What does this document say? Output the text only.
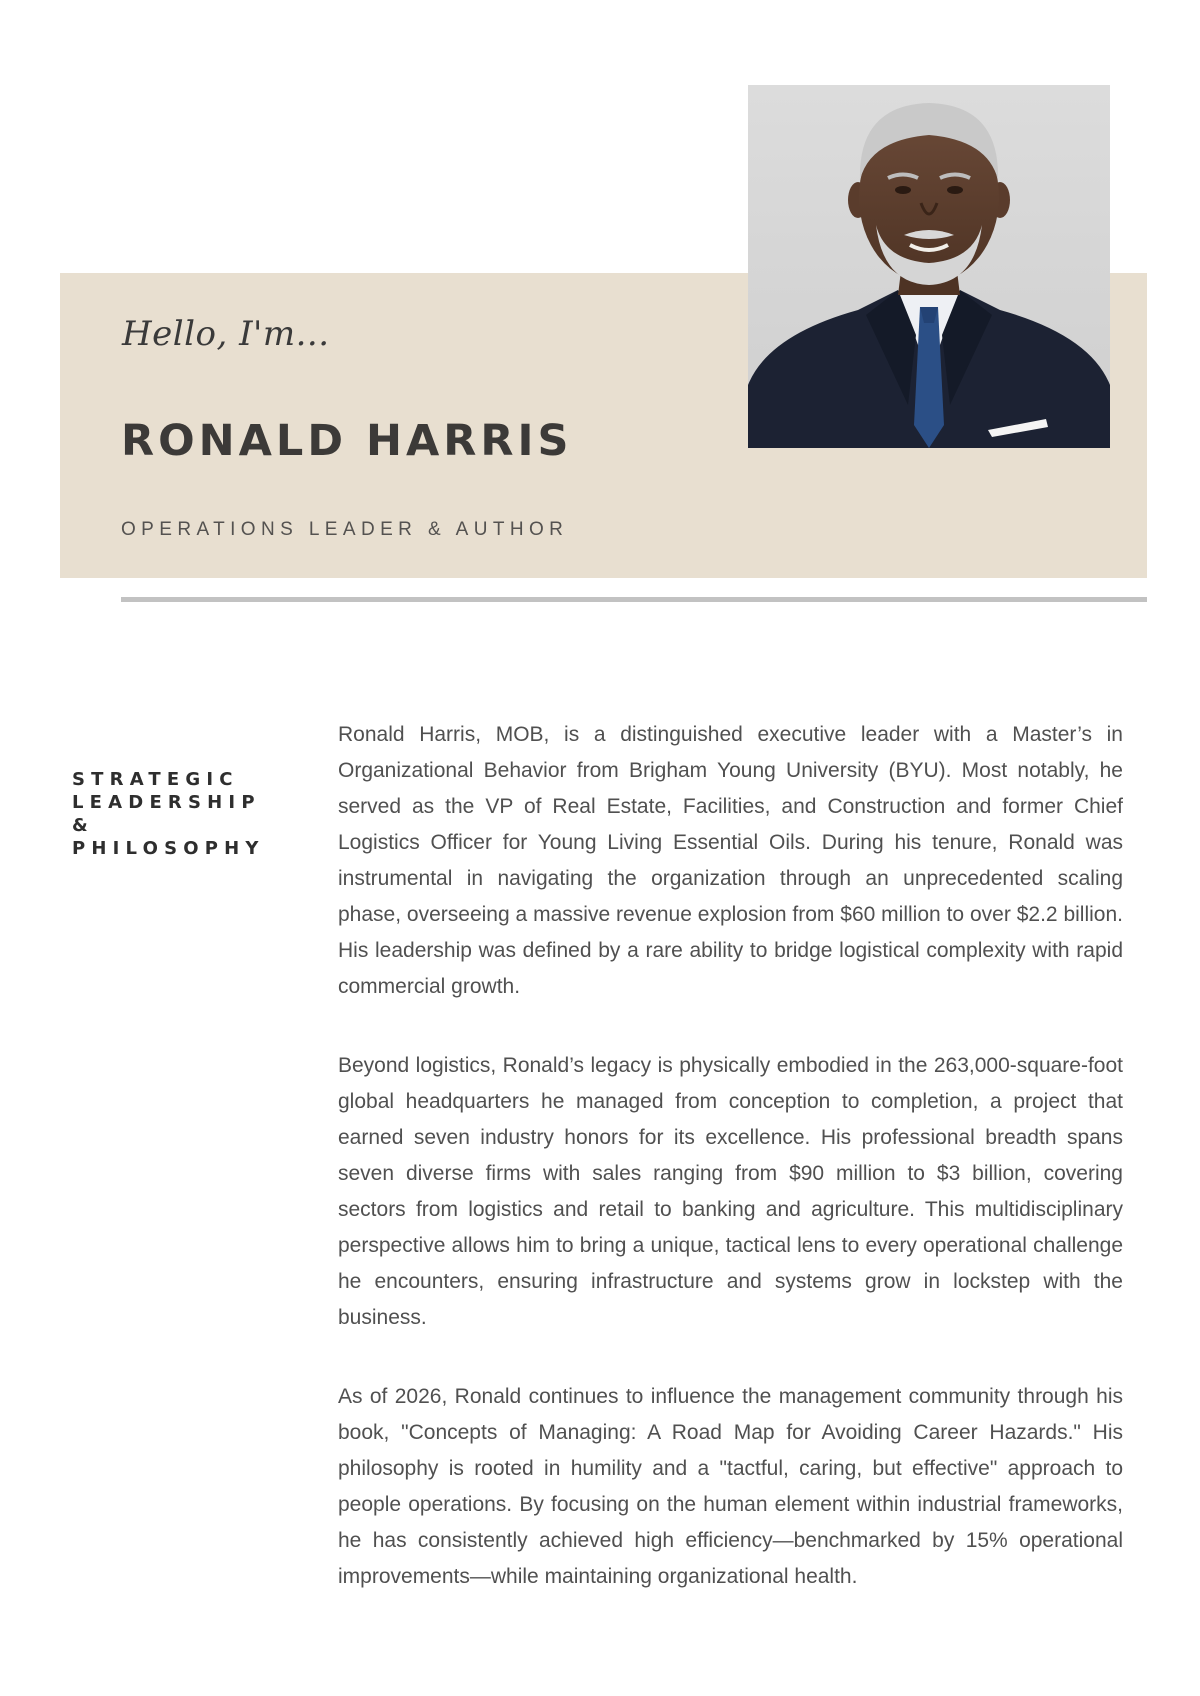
Hello, I'm...
RONALD HARRIS
OPERATIONS LEADER & AUTHOR
STRATEGIC
LEADERSHIP
&
PHILOSOPHY

Ronald Harris, MOB, is a distinguished executive leader with a Master’s in Organizational Behavior from Brigham Young University (BYU). Most notably, he served as the VP of Real Estate, Facilities, and Construction and former Chief Logistics Officer for Young Living Essential Oils. During his tenure, Ronald was instrumental in navigating the organization through an unprecedented scaling phase, overseeing a massive revenue explosion from $60 million to over $2.2 billion. His leadership was defined by a rare ability to bridge logistical complexity with rapid commercial growth.

Beyond logistics, Ronald’s legacy is physically embodied in the 263,000-square-foot global headquarters he managed from conception to completion, a project that earned seven industry honors for its excellence. His professional breadth spans seven diverse firms with sales ranging from $90 million to $3 billion, covering sectors from logistics and retail to banking and agriculture. This multidisciplinary perspective allows him to bring a unique, tactical lens to every operational challenge he encounters, ensuring infrastructure and systems grow in lockstep with the business.

As of 2026, Ronald continues to influence the management community through his book, "Concepts of Managing: A Road Map for Avoiding Career Hazards." His philosophy is rooted in humility and a "tactful, caring, but effective" approach to people operations. By focusing on the human element within industrial frameworks, he has consistently achieved high efficiency—benchmarked by 15% operational improvements—while maintaining organizational health.
